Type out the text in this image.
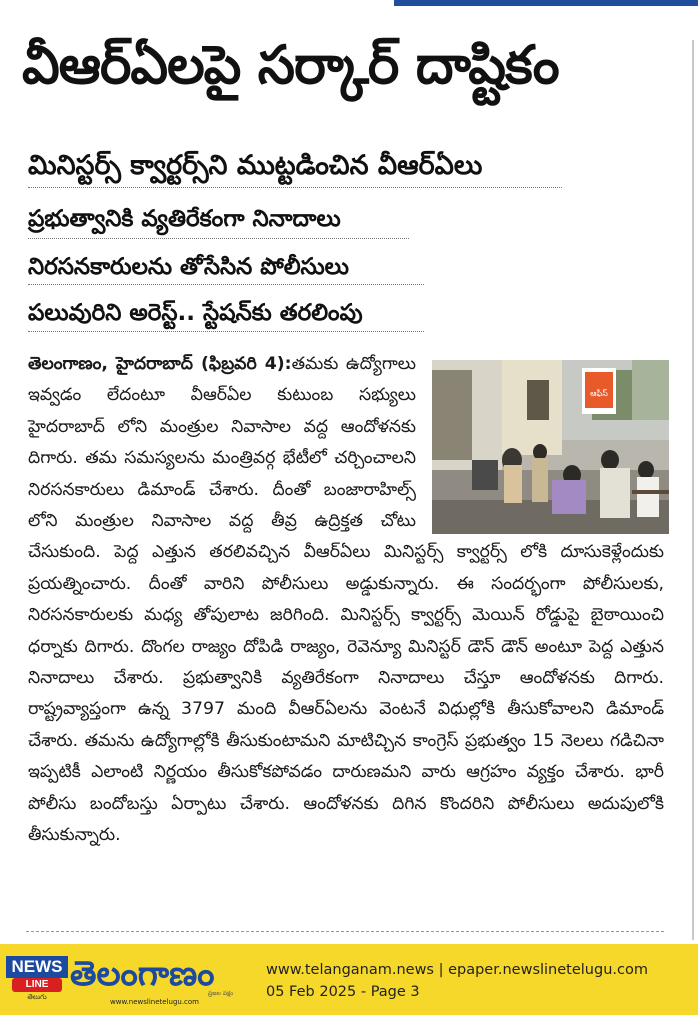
వీఆర్ఏలపై సర్కార్ దాష్టికం
మినిస్టర్స్ క్వార్టర్స్‌ని ముట్టడించిన వీఆర్ఏలు
ప్రభుత్వానికి వ్యతిరేకంగా నినాదాలు
నిరసనకారులను తోసేసిన పోలీసులు
పలువురిని అరెస్ట్.. స్టేషన్‌కు తరలింపు
ఆఫీస్
తెలంగాణం, హైదరాబాద్ (ఫిబ్రవరి 4):తమకు ఉద్యోగాలు ఇవ్వడం లేదంటూ వీఆర్ఏల కుటుంబ సభ్యులు హైదరాబాద్ లోని మంత్రుల నివాసాల వద్ద ఆందోళనకు దిగారు. తమ సమస్యలను మంత్రివర్గ భేటీలో చర్చించాలని నిరసనకారులు డిమాండ్ చేశారు. దీంతో బంజారాహిల్స్ లోని మంత్రుల నివాసాల వద్ద తీవ్ర ఉద్రిక్తత చోటు చేసుకుంది. పెద్ద ఎత్తున తరలివచ్చిన వీఆర్ఏలు మినిస్టర్స్ క్వార్టర్స్ లోకి దూసుకెళ్లేందుకు ప్రయత్నించారు. దీంతో వారిని పోలీసులు అడ్డుకున్నారు. ఈ సందర్భంగా పోలీసులకు, నిరసనకారులకు మధ్య తోపులాట జరిగింది. మినిస్టర్స్ క్వార్టర్స్ మెయిన్ రోడ్డుపై బైఠాయించి ధర్నాకు దిగారు. దొంగల రాజ్యం దోపిడి రాజ్యం, రెవెన్యూ మినిస్టర్ డౌన్ డౌన్ అంటూ పెద్ద ఎత్తున నినాదాలు చేశారు. ప్రభుత్వానికి వ్యతిరేకంగా నినాదాలు చేస్తూ ఆందోళనకు దిగారు. రాష్ట్రవ్యాప్తంగా ఉన్న 3797 మంది వీఆర్ఏలను వెంటనే విధుల్లోకి తీసుకోవాలని డిమాండ్ చేశారు. తమను ఉద్యోగాల్లోకి తీసుకుంటామని మాటిచ్చిన కాంగ్రెస్ ప్రభుత్వం 15 నెలలు గడిచినా ఇప్పటికీ ఎలాంటి నిర్ణయం తీసుకోకపోవడం దారుణమని వారు ఆగ్రహం వ్యక్తం చేశారు. భారీ పోలీసు బందోబస్తు ఏర్పాటు చేశారు. ఆందోళనకు దిగిన కొందరిని పోలీసులు అదుపులోకి తీసుకున్నారు.
NEWS
LINE
తెలుగు
తెలంగాణం
www.newslinetelugu.com
ప్రజల పక్షం
www.telanganam.news | epaper.newslinetelugu.com
05 Feb 2025 - Page 3
